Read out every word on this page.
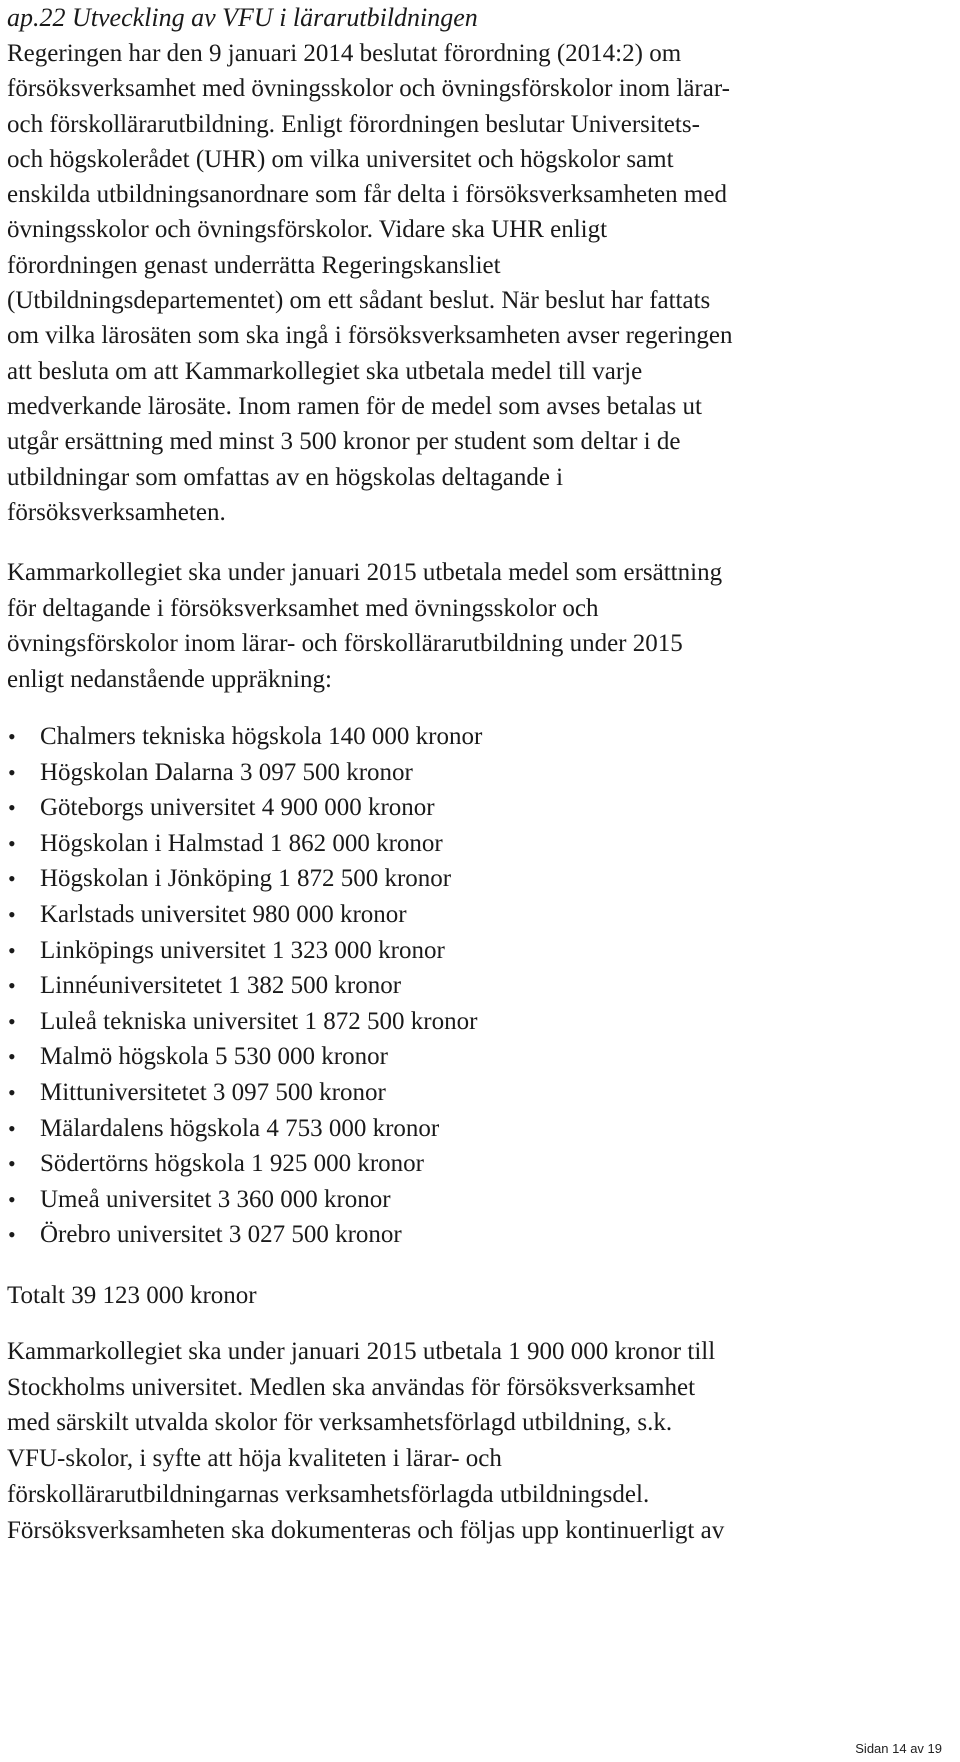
ap.22 Utveckling av VFU i lärarutbildningen

Regeringen har den 9 januari 2014 beslutat förordning (2014:2) om
försöksverksamhet med övningsskolor och övningsförskolor inom lärar-
och förskollärarutbildning. Enligt förordningen beslutar Universitets-
och högskolerådet (UHR) om vilka universitet och högskolor samt
enskilda utbildningsanordnare som får delta i försöksverksamheten med
övningsskolor och övningsförskolor. Vidare ska UHR enligt
förordningen genast underrätta Regeringskansliet
(Utbildningsdepartementet) om ett sådant beslut. När beslut har fattats
om vilka lärosäten som ska ingå i försöksverksamheten avser regeringen
att besluta om att Kammarkollegiet ska utbetala medel till varje
medverkande lärosäte. Inom ramen för de medel som avses betalas ut
utgår ersättning med minst 3 500 kronor per student som deltar i de
utbildningar som omfattas av en högskolas deltagande i
försöksverksamheten.

Kammarkollegiet ska under januari 2015 utbetala medel som ersättning
för deltagande i försöksverksamhet med övningsskolor och
övningsförskolor inom lärar- och förskollärarutbildning under 2015
enligt nedanstående uppräkning:

• Chalmers tekniska högskola 140 000 kronor
• Högskolan Dalarna 3 097 500 kronor
• Göteborgs universitet 4 900 000 kronor
• Högskolan i Halmstad 1 862 000 kronor
• Högskolan i Jönköping 1 872 500 kronor
• Karlstads universitet 980 000 kronor
• Linköpings universitet 1 323 000 kronor
• Linnéuniversitetet 1 382 500 kronor
• Luleå tekniska universitet 1 872 500 kronor
• Malmö högskola 5 530 000 kronor
• Mittuniversitetet 3 097 500 kronor
• Mälardalens högskola 4 753 000 kronor
• Södertörns högskola 1 925 000 kronor
• Umeå universitet 3 360 000 kronor
• Örebro universitet 3 027 500 kronor
Totalt 39 123 000 kronor

Kammarkollegiet ska under januari 2015 utbetala 1 900 000 kronor till
Stockholms universitet. Medlen ska användas för försöksverksamhet
med särskilt utvalda skolor för verksamhetsförlagd utbildning, s.k.
VFU-skolor, i syfte att höja kvaliteten i lärar- och
förskollärarutbildningarnas verksamhetsförlagda utbildningsdel.
Försöksverksamheten ska dokumenteras och följas upp kontinuerligt av

Sidan 14 av 19
